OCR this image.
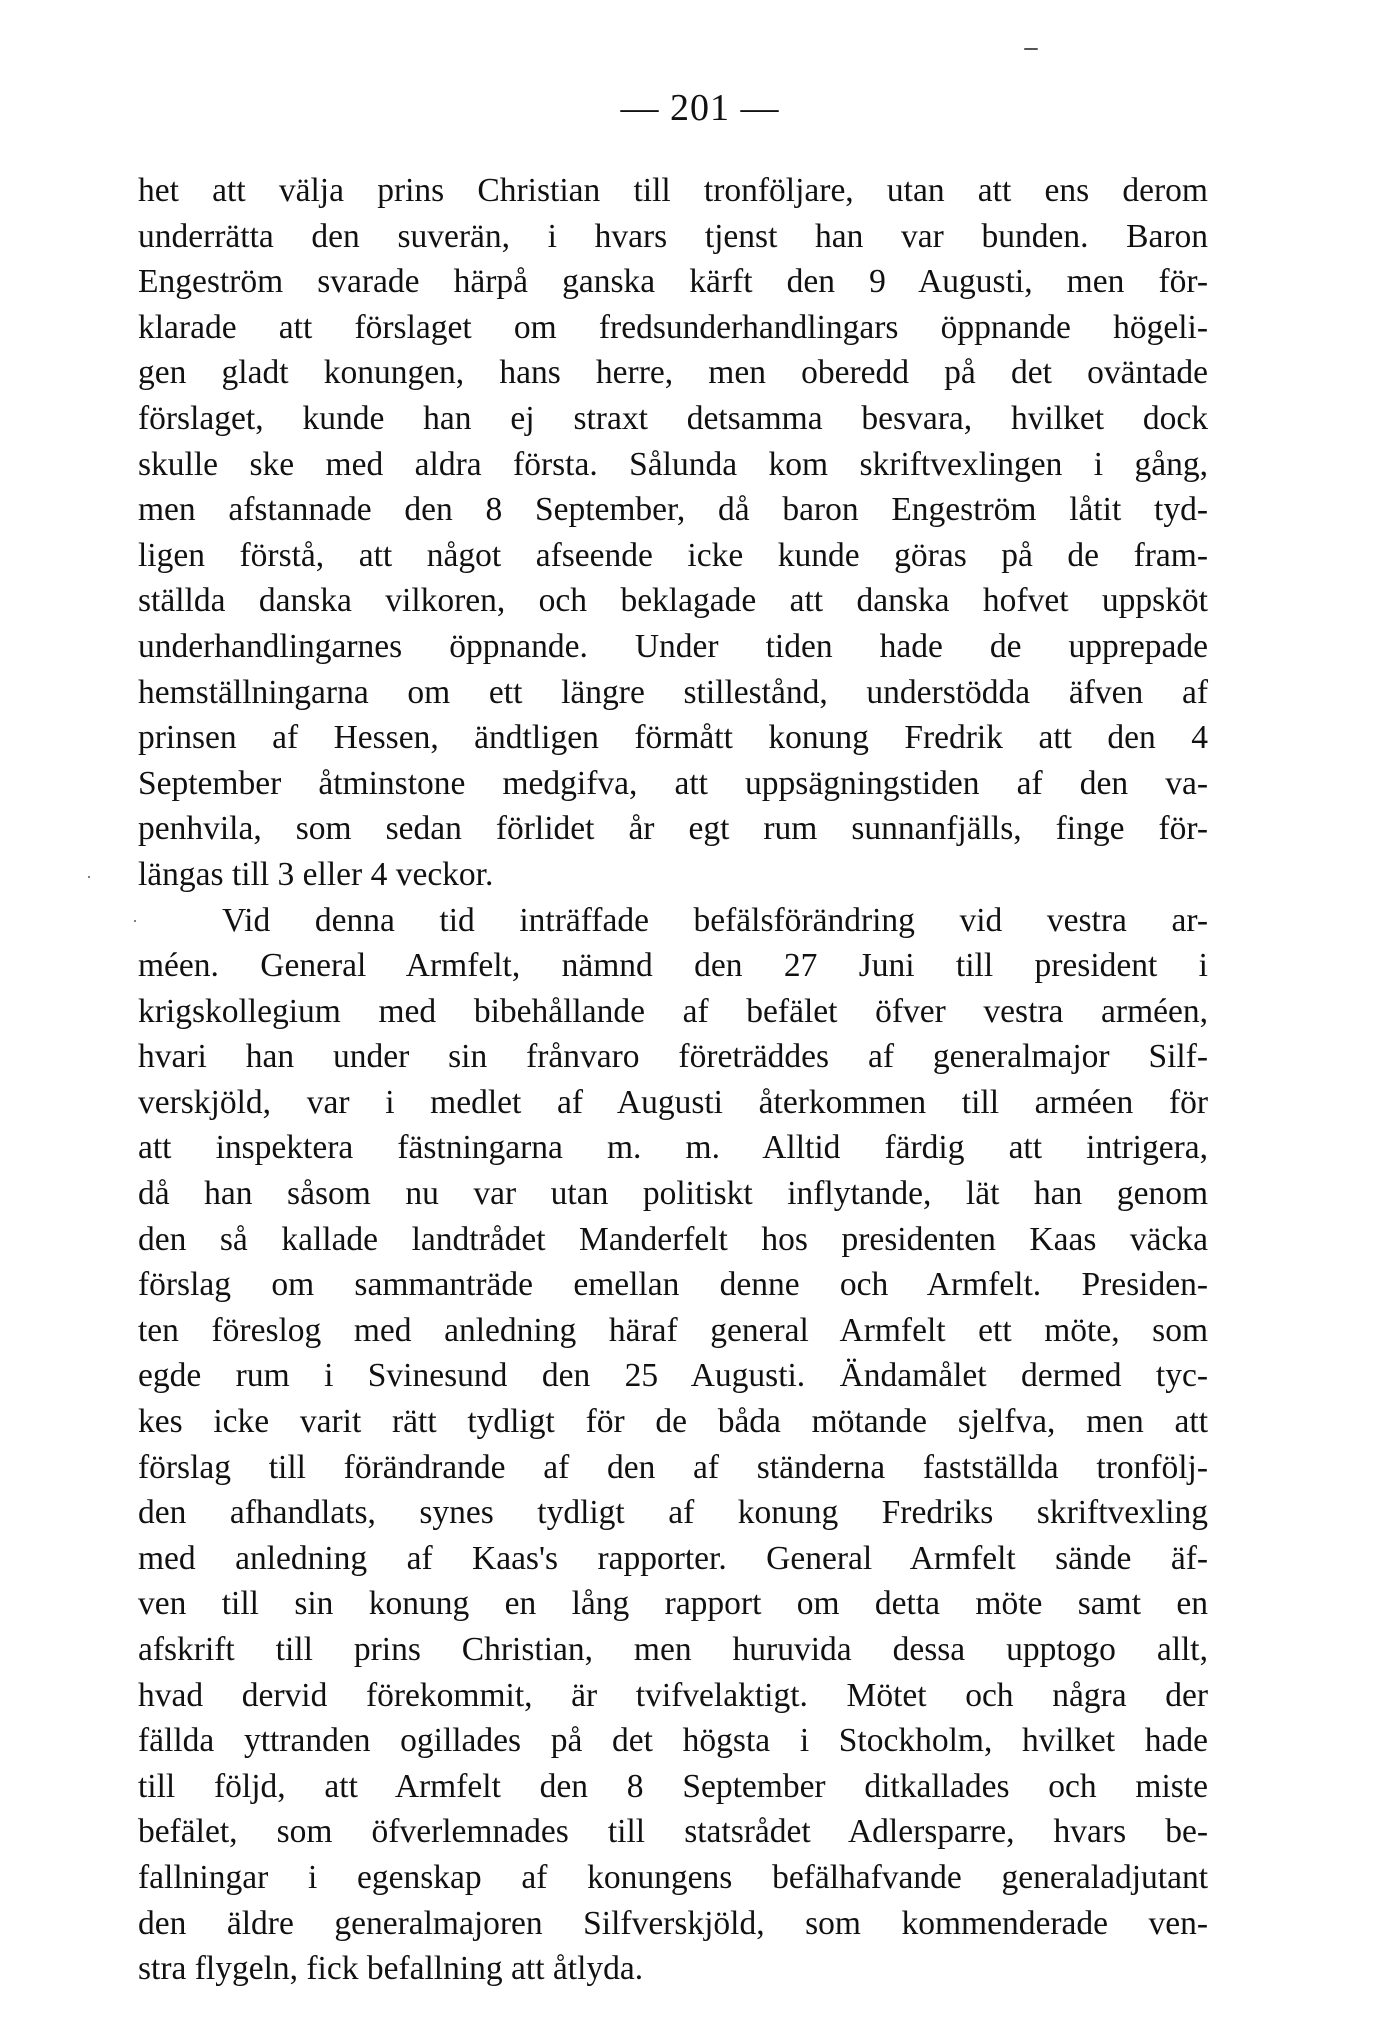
— 201 —
het att välja prins Christian till tronföljare, utan att ens derom
underrätta den suverän, i hvars tjenst han var bunden. Baron
Engeström svarade härpå ganska kärft den 9 Augusti, men för-
klarade att förslaget om fredsunderhandlingars öppnande högeli-
gen gladt konungen, hans herre, men oberedd på det oväntade
förslaget, kunde han ej straxt detsamma besvara, hvilket dock
skulle ske med aldra första. Sålunda kom skriftvexlingen i gång,
men afstannade den 8 September, då baron Engeström låtit tyd-
ligen förstå, att något afseende icke kunde göras på de fram-
ställda danska vilkoren, och beklagade att danska hofvet uppsköt
underhandlingarnes öppnande. Under tiden hade de upprepade
hemställningarna om ett längre stillestånd, understödda äfven af
prinsen af Hessen, ändtligen förmått konung Fredrik att den 4
September åtminstone medgifva, att uppsägningstiden af den va-
penhvila, som sedan förlidet år egt rum sunnanfjälls, finge för-
längas till 3 eller 4 veckor.
Vid denna tid inträffade befälsförändring vid vestra ar-
méen. General Armfelt, nämnd den 27 Juni till president i
krigskollegium med bibehållande af befälet öfver vestra arméen,
hvari han under sin frånvaro företräddes af generalmajor Silf-
verskjöld, var i medlet af Augusti återkommen till arméen för
att inspektera fästningarna m. m. Alltid färdig att intrigera,
då han såsom nu var utan politiskt inflytande, lät han genom
den så kallade landtrådet Manderfelt hos presidenten Kaas väcka
förslag om sammanträde emellan denne och Armfelt. Presiden-
ten föreslog med anledning häraf general Armfelt ett möte, som
egde rum i Svinesund den 25 Augusti. Ändamålet dermed tyc-
kes icke varit rätt tydligt för de båda mötande sjelfva, men att
förslag till förändrande af den af ständerna fastställda tronfölj-
den afhandlats, synes tydligt af konung Fredriks skriftvexling
med anledning af Kaas's rapporter. General Armfelt sände äf-
ven till sin konung en lång rapport om detta möte samt en
afskrift till prins Christian, men huruvida dessa upptogo allt,
hvad dervid förekommit, är tvifvelaktigt. Mötet och några der
fällda yttranden ogillades på det högsta i Stockholm, hvilket hade
till följd, att Armfelt den 8 September ditkallades och miste
befälet, som öfverlemnades till statsrådet Adlersparre, hvars be-
fallningar i egenskap af konungens befälhafvande generaladjutant
den äldre generalmajoren Silfverskjöld, som kommenderade ven-
stra flygeln, fick befallning att åtlyda.
